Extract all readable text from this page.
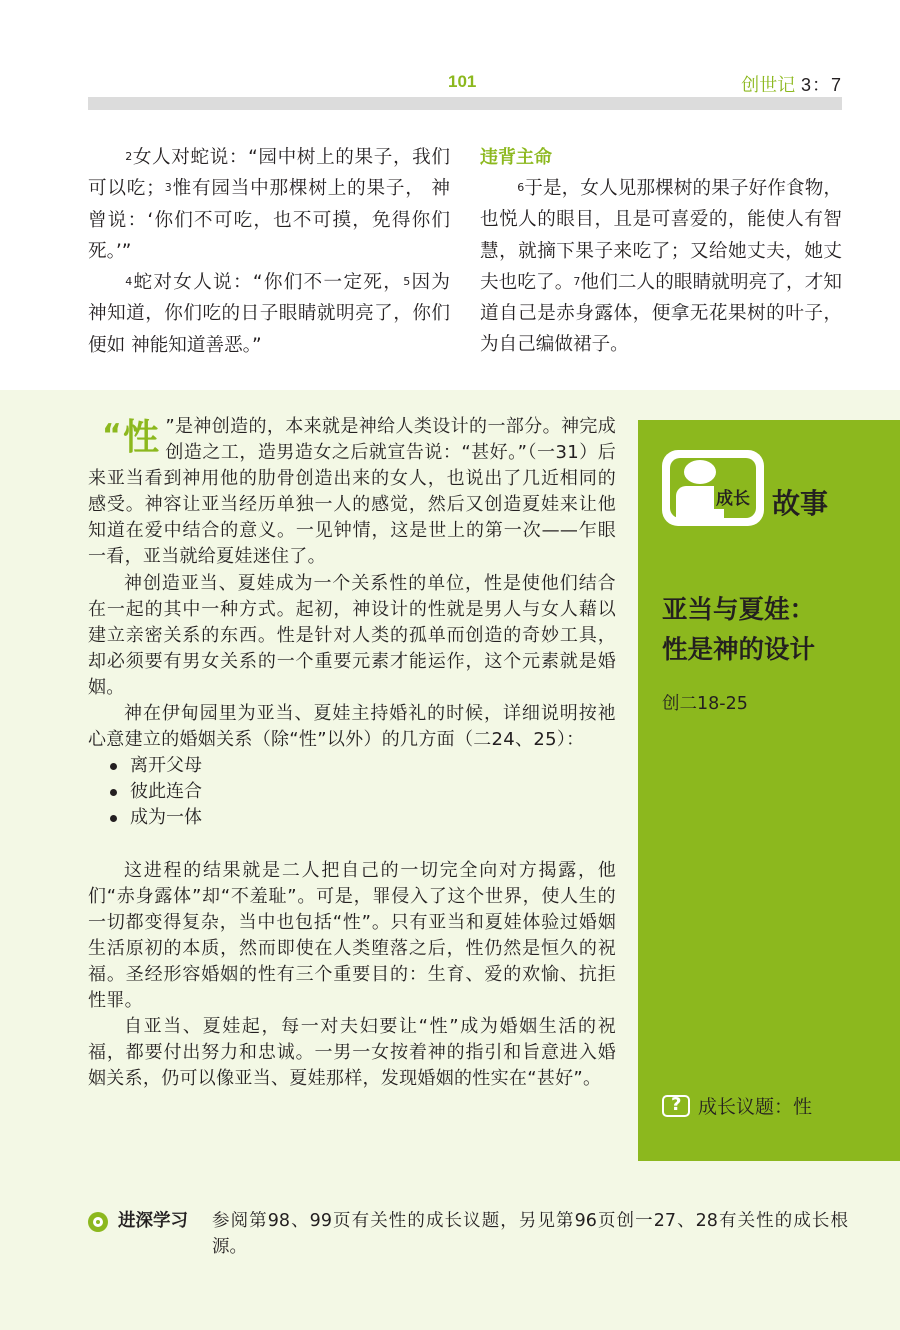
101	创世记 3：7

$^2$女人对蛇说：“园中树上的果子，我们可以吃；$^3$惟有园当中那棵树上的果子， 神曾说：‘你们不可吃，也不可摸，免得你们死。’”

$^4$蛇对女人说：“你们不一定死，$^5$因为 神知道，你们吃的日子眼睛就明亮了，你们便如 神能知道善恶。”

违背主命

$^6$于是，女人见那棵树的果子好作食物，也悦人的眼目，且是可喜爱的，能使人有智慧，就摘下果子来吃了；又给她丈夫，她丈夫也吃了。$^7$他们二人的眼睛就明亮了，才知道自己是赤身露体，便拿无花果树的叶子，为自己编做裙子。

“性 ”是神创造的，本来就是神给人类设计的一部分。神完成创造之工，造男造女之后就宣告说：“甚好。”（一31）后来亚当看到神用他的肋骨创造出来的女人，也说出了几近相同的感受。神容让亚当经历单独一人的感觉，然后又创造夏娃来让他知道在爱中结合的意义。一见钟情，这是世上的第一次——乍眼一看，亚当就给夏娃迷住了。

神创造亚当、夏娃成为一个关系性的单位，性是使他们结合在一起的其中一种方式。起初，神设计的性就是男人与女人藉以建立亲密关系的东西。性是针对人类的孤单而创造的奇妙工具，却必须要有男女关系的一个重要元素才能运作，这个元素就是婚姻。

神在伊甸园里为亚当、夏娃主持婚礼的时候，详细说明按祂心意建立的婚姻关系（除“性”以外）的几方面（二24、25）：

离开父母
彼此连合
成为一体

这进程的结果就是二人把自己的一切完全向对方揭露，他们“赤身露体”却“不羞耻”。可是，罪侵入了这个世界，使人生的一切都变得复杂，当中也包括“性”。只有亚当和夏娃体验过婚姻生活原初的本质，然而即使在人类堕落之后，性仍然是恒久的祝福。圣经形容婚姻的性有三个重要目的：生育、爱的欢愉、抗拒性罪。

自亚当、夏娃起，每一对夫妇要让“性”成为婚姻生活的祝福，都要付出努力和忠诚。一男一女按着神的指引和旨意进入婚姻关系，仍可以像亚当、夏娃那样，发现婚姻的性实在“甚好”。

成长 故事
亚当与夏娃：
性是神的设计
创二18-25
? 成长议题：性
进深学习 参阅第98、99页有关性的成长议题，另见第96页创一27、28有关性的成长根源。
